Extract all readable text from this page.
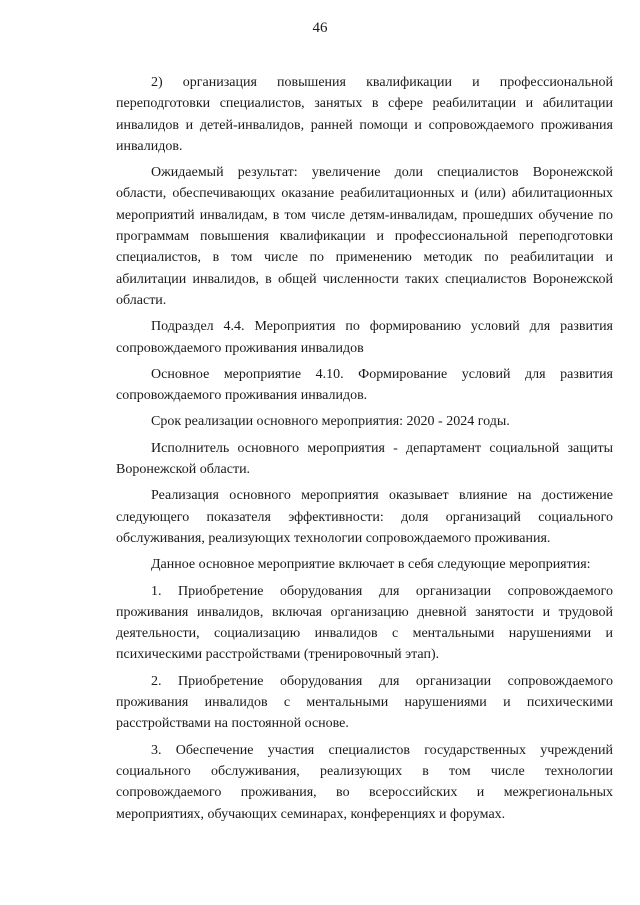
46

2) организация повышения квалификации и профессиональной переподготовки специалистов, занятых в сфере реабилитации и абилитации инвалидов и детей-инвалидов, ранней помощи и сопровождаемого проживания инвалидов.

Ожидаемый результат: увеличение доли специалистов Воронежской области, обеспечивающих оказание реабилитационных и (или) абилитационных мероприятий инвалидам, в том числе детям-инвалидам, прошедших обучение по программам повышения квалификации и профессиональной переподготовки специалистов, в том числе по применению методик по реабилитации и абилитации инвалидов, в общей численности таких специалистов Воронежской области.

Подраздел 4.4. Мероприятия по формированию условий для развития сопровождаемого проживания инвалидов

Основное мероприятие 4.10. Формирование условий для развития сопровождаемого проживания инвалидов.

Срок реализации основного мероприятия: 2020 - 2024 годы.

Исполнитель основного мероприятия - департамент социальной защиты Воронежской области.

Реализация основного мероприятия оказывает влияние на достижение следующего показателя эффективности: доля организаций социального обслуживания, реализующих технологии сопровождаемого проживания.

Данное основное мероприятие включает в себя следующие мероприятия:

1. Приобретение оборудования для организации сопровождаемого проживания инвалидов, включая организацию дневной занятости и трудовой деятельности, социализацию инвалидов с ментальными нарушениями и психическими расстройствами (тренировочный этап).

2. Приобретение оборудования для организации сопровождаемого проживания инвалидов с ментальными нарушениями и психическими расстройствами на постоянной основе.

3. Обеспечение участия специалистов государственных учреждений социального обслуживания, реализующих в том числе технологии сопровождаемого проживания, во всероссийских и межрегиональных мероприятиях, обучающих семинарах, конференциях и форумах.
